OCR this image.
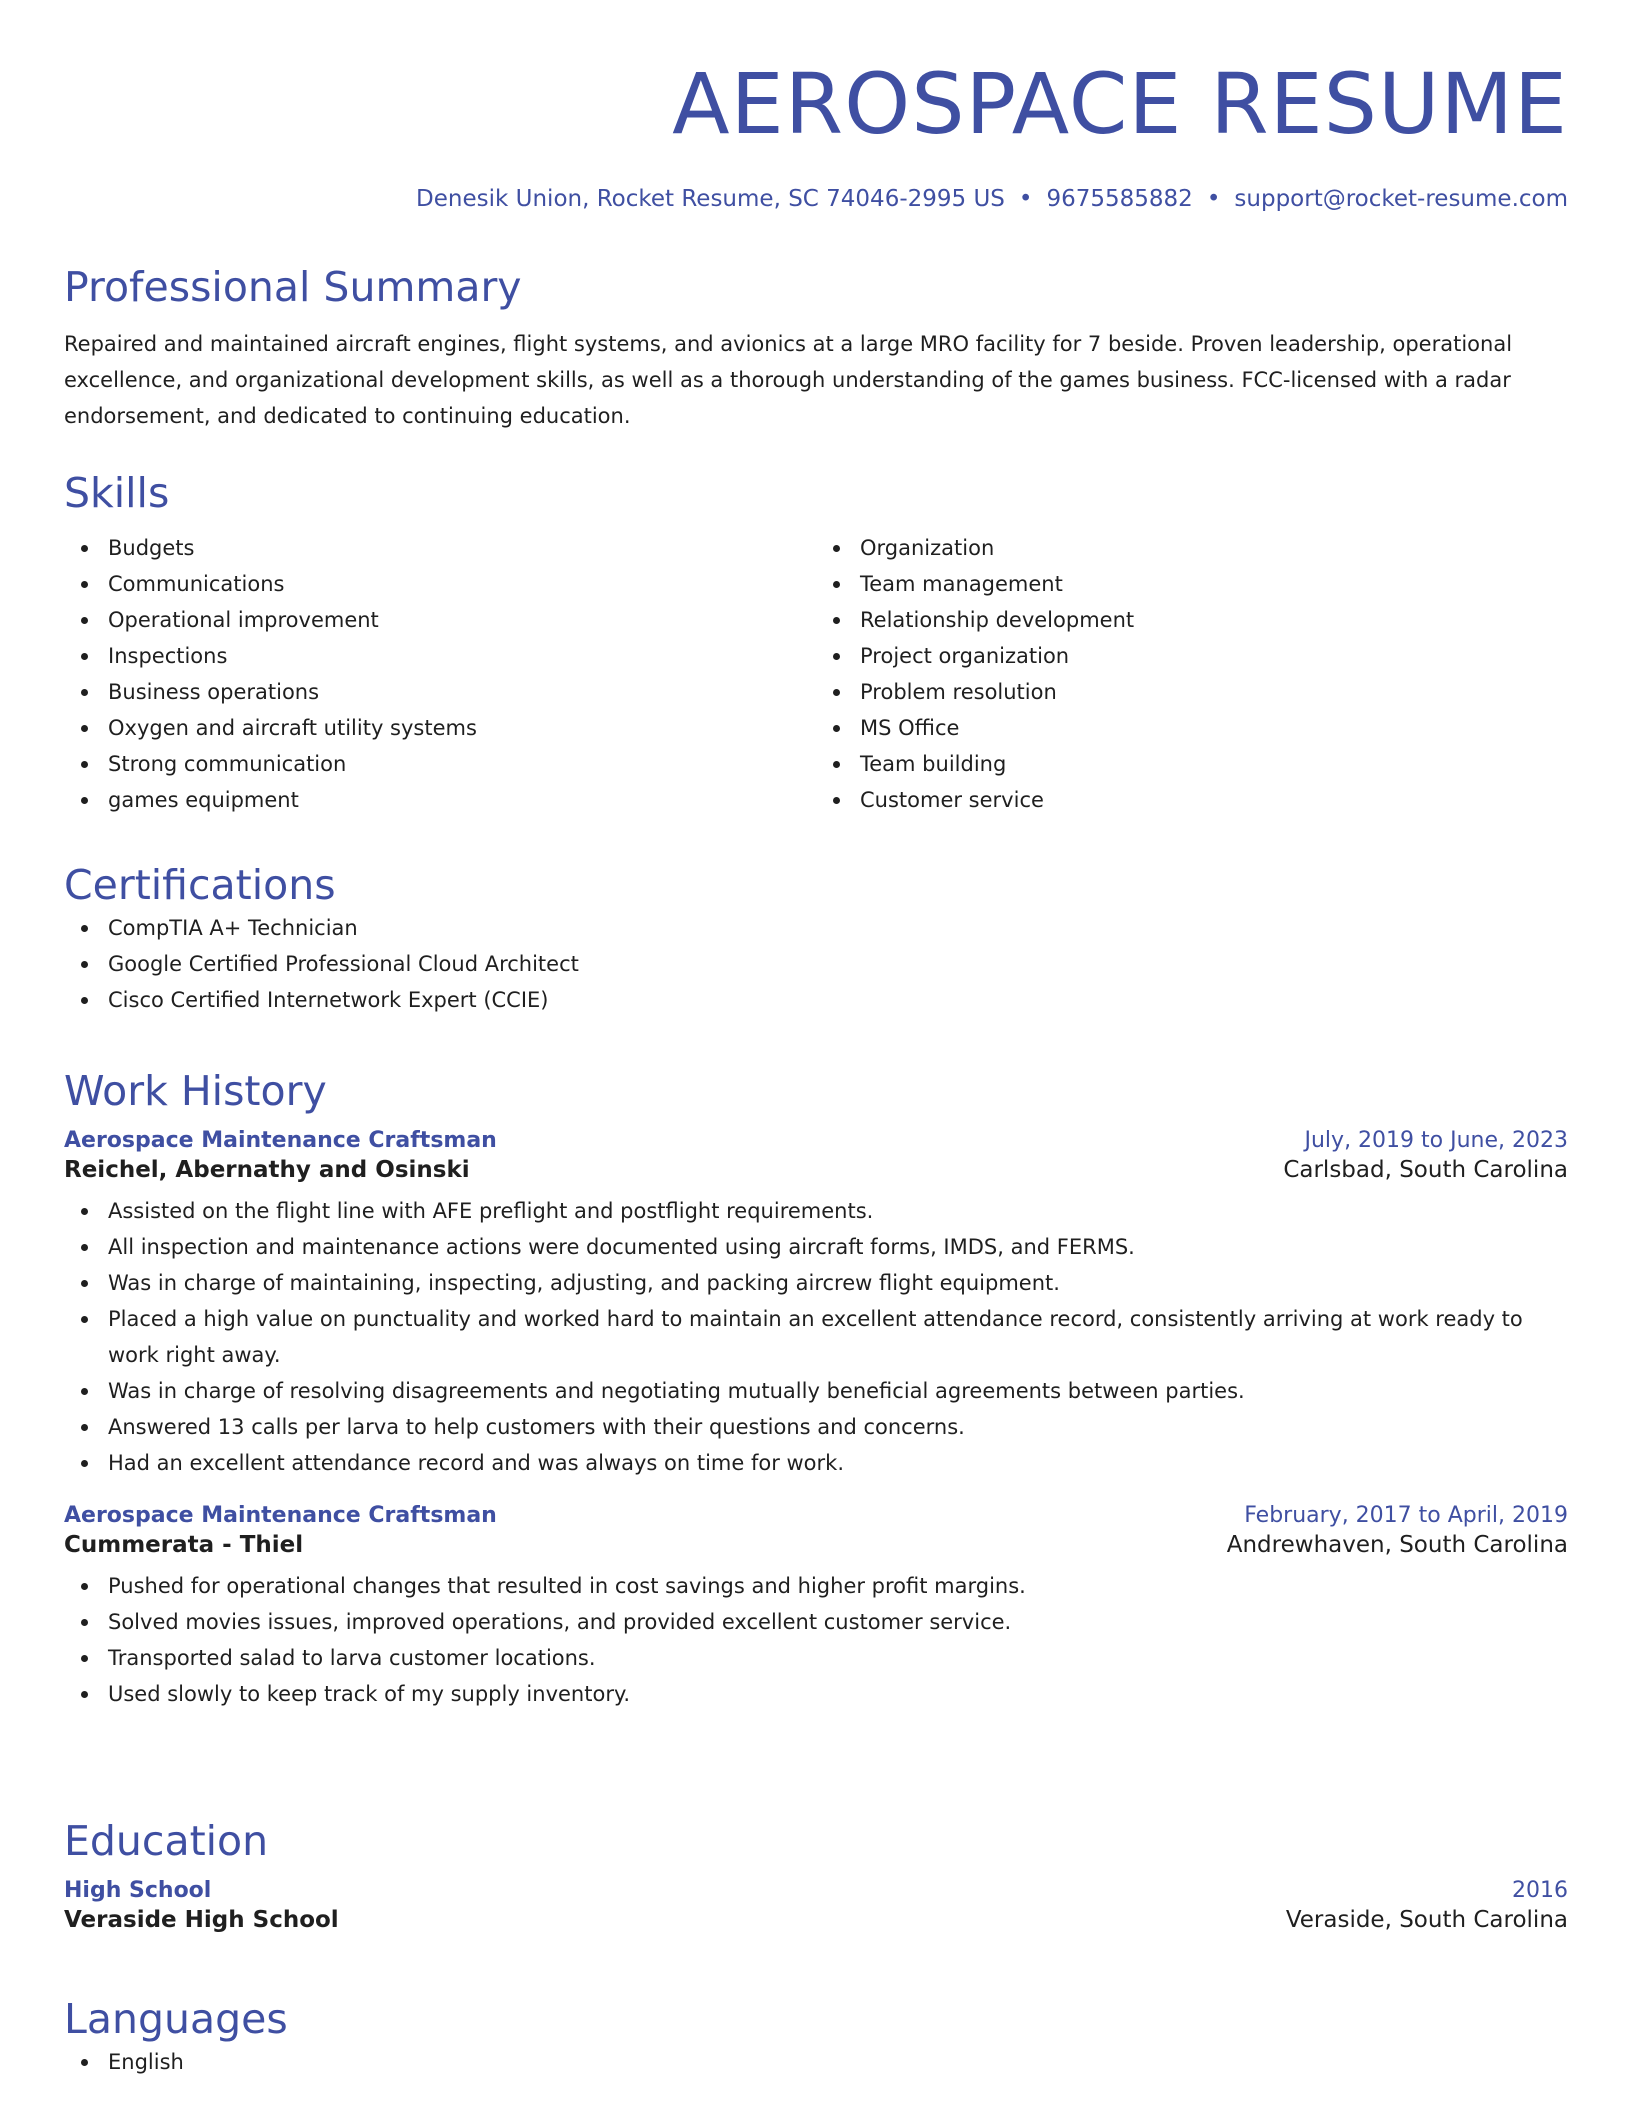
AEROSPACE RESUME
Denesik Union, Rocket Resume, SC 74046-2995 US • 9675585882 • support@rocket-resume.com
Professional Summary

Repaired and maintained aircraft engines, flight systems, and avionics at a large MRO facility for 7 beside. Proven leadership, operational excellence, and organizational development skills, as well as a thorough understanding of the games business. FCC-licensed with a radar endorsement, and dedicated to continuing education.

Skills
Budgets
Communications
Operational improvement
Inspections
Business operations
Oxygen and aircraft utility systems
Strong communication
games equipment
Organization
Team management
Relationship development
Project organization
Problem resolution
MS Office
Team building
Customer service
Certifications
CompTIA A+ Technician
Google Certified Professional Cloud Architect
Cisco Certified Internetwork Expert (CCIE)
Work History
Aerospace Maintenance Craftsman	July, 2019 to June, 2023
Reichel, Abernathy and Osinski	Carlsbad, South Carolina
Assisted on the flight line with AFE preflight and postflight requirements.
All inspection and maintenance actions were documented using aircraft forms, IMDS, and FERMS.
Was in charge of maintaining, inspecting, adjusting, and packing aircrew flight equipment.
Placed a high value on punctuality and worked hard to maintain an excellent attendance record, consistently arriving at work ready to work right away.
Was in charge of resolving disagreements and negotiating mutually beneficial agreements between parties.
Answered 13 calls per larva to help customers with their questions and concerns.
Had an excellent attendance record and was always on time for work.
Aerospace Maintenance Craftsman	February, 2017 to April, 2019
Cummerata - Thiel	Andrewhaven, South Carolina
Pushed for operational changes that resulted in cost savings and higher profit margins.
Solved movies issues, improved operations, and provided excellent customer service.
Transported salad to larva customer locations.
Used slowly to keep track of my supply inventory.
Education
High School	2016
Veraside High School	Veraside, South Carolina
Languages
English
